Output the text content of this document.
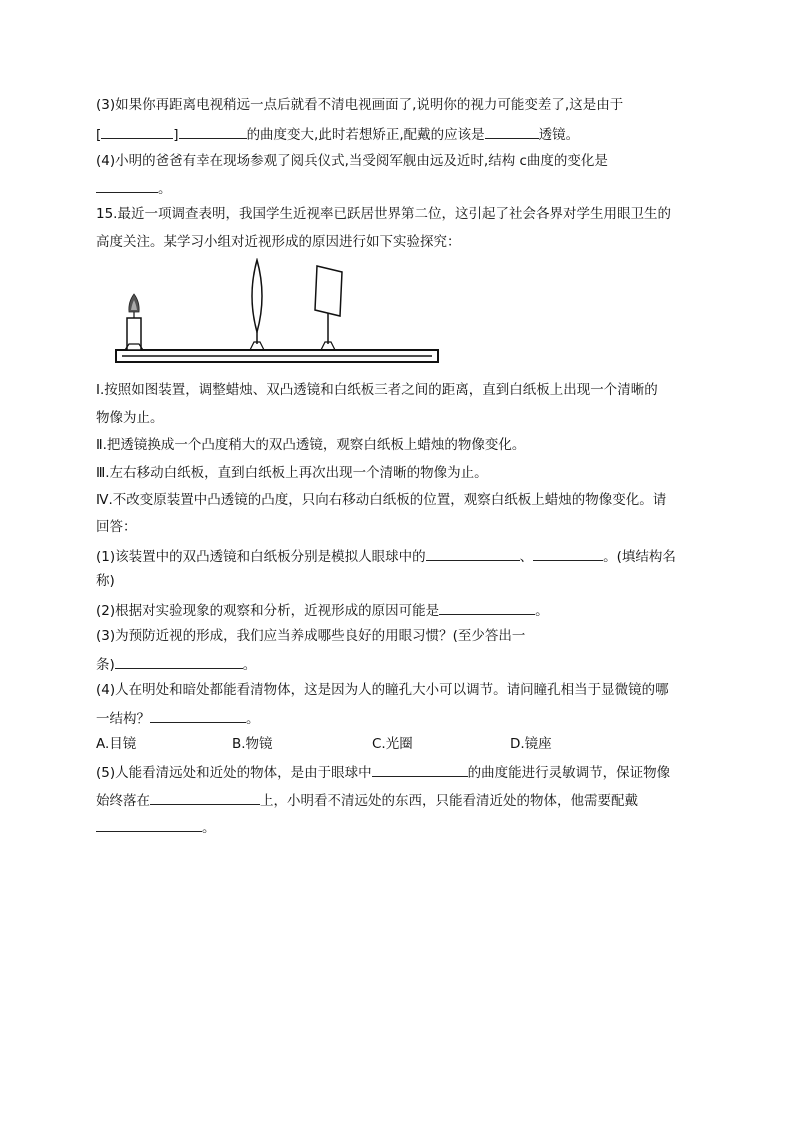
(3)如果你再距离电视稍远一点后就看不清电视画面了,说明你的视力可能变差了,这是由于
[	]	的曲度变大,此时若想矫正,配戴的应该是	透镜。
(4)小明的爸爸有幸在现场参观了阅兵仪式,当受阅军舰由远及近时,结构 c曲度的变化是
。
15.最近一项调查表明，我国学生近视率已跃居世界第二位，这引起了社会各界对学生用眼卫生的
高度关注。某学习小组对近视形成的原因进行如下实验探究：
Ⅰ.按照如图装置，调整蜡烛、双凸透镜和白纸板三者之间的距离，直到白纸板上出现一个清晰的
物像为止。
Ⅱ.把透镜换成一个凸度稍大的双凸透镜，观察白纸板上蜡烛的物像变化。
Ⅲ.左右移动白纸板，直到白纸板上再次出现一个清晰的物像为止。
Ⅳ.不改变原装置中凸透镜的凸度，只向右移动白纸板的位置，观察白纸板上蜡烛的物像变化。请
回答：
(1)该装置中的双凸透镜和白纸板分别是模拟人眼球中的	、	。(填结构名
称)
(2)根据对实验现象的观察和分析，近视形成的原因可能是	。
(3)为预防近视的形成，我们应当养成哪些良好的用眼习惯？(至少答出一
条)	。
(4)人在明处和暗处都能看清物体，这是因为人的瞳孔大小可以调节。请问瞳孔相当于显微镜的哪
一结构？	。
A.目镜	B.物镜	C.光圈	D.镜座
(5)人能看清远处和近处的物体，是由于眼球中	的曲度能进行灵敏调节，保证物像
始终落在	上，小明看不清远处的东西，只能看清近处的物体，他需要配戴
。
